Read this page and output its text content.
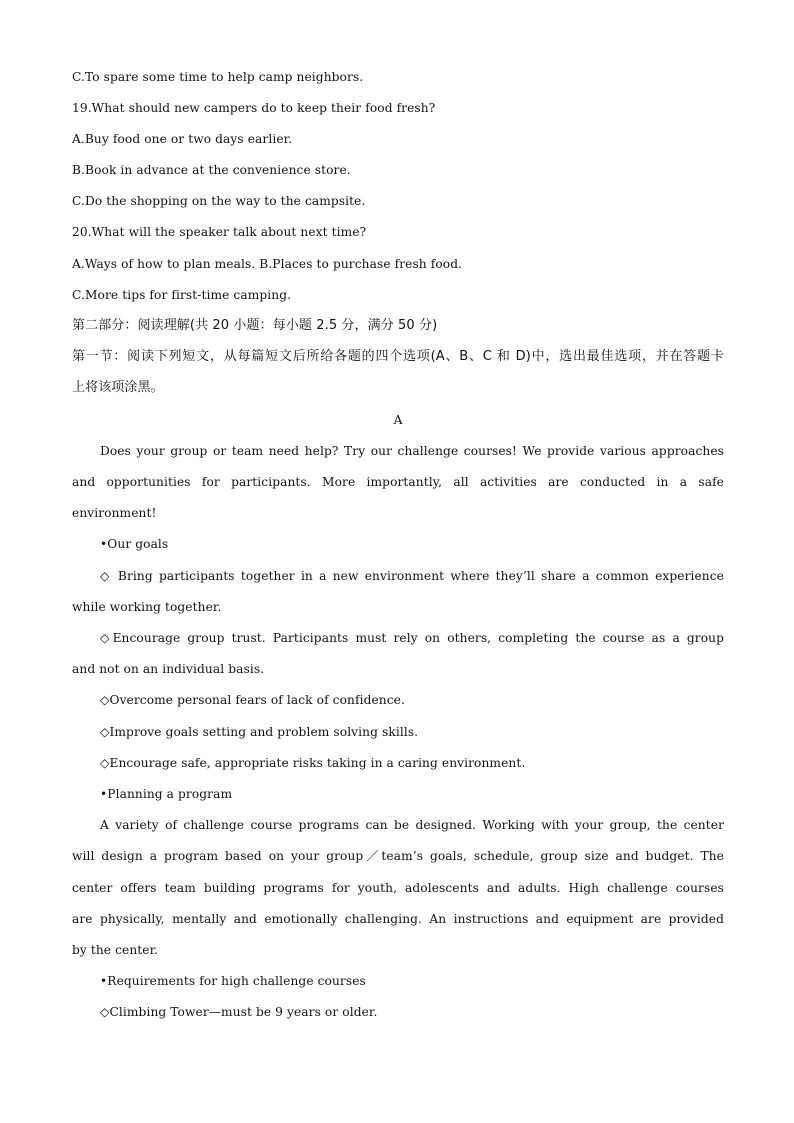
C.To spare some time to help camp neighbors.
19.What should new campers do to keep their food fresh?
A.Buy food one or two days earlier.
B.Book in advance at the convenience store.
C.Do the shopping on the way to the campsite.
20.What will the speaker talk about next time?
A.Ways of how to plan meals. B.Places to purchase fresh food.
C.More tips for first-time camping.
第二部分：阅读理解(共 20 小题：每小题 2.5 分，满分 50 分)
第一节：阅读下列短文，从每篇短文后所给各题的四个选项(A、B、C 和 D)中，选出最佳选项，并在答题卡
上将该项涂黑。
A
Does your group or team need help? Try our challenge courses! We provide various approaches
and opportunities for participants. More importantly, all activities are conducted in a safe
environment!
•Our goals
◇ Bring participants together in a new environment where they’ll share a common experience
while working together.
◇Encourage group trust. Participants must rely on others, completing the course as a group
and not on an individual basis.
◇Overcome personal fears of lack of confidence.
◇Improve goals setting and problem solving skills.
◇Encourage safe, appropriate risks taking in a caring environment.
•Planning a program
A variety of challenge course programs can be designed. Working with your group, the center
will design a program based on your group／team’s goals, schedule, group size and budget. The
center offers team building programs for youth, adolescents and adults. High challenge courses
are physically, mentally and emotionally challenging. An instructions and equipment are provided
by the center.
•Requirements for high challenge courses
◇Climbing Tower—must be 9 years or older.
